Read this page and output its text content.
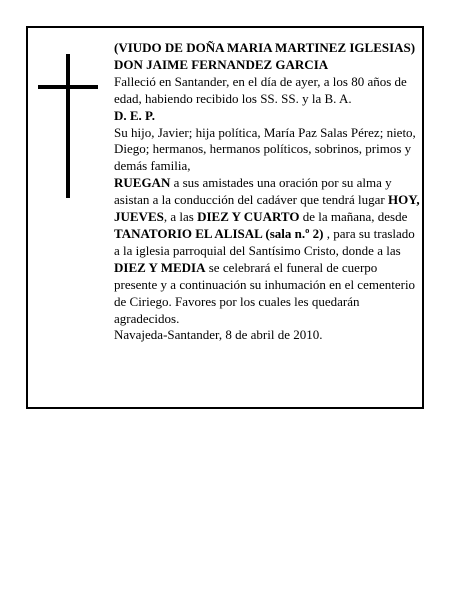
(VIUDO DE DOÑA MARIA MARTINEZ IGLESIAS)

DON JAIME FERNANDEZ GARCIA

Falleció en Santander, en el día de ayer, a los 80 años de edad, habiendo recibido los SS. SS. y la B. A.

D. E. P.

Su hijo, Javier; hija política, María Paz Salas Pérez; nieto, Diego; hermanos, hermanos políticos, sobrinos, primos y demás familia,

RUEGAN a sus amistades una oración por su alma y asistan a la conducción del cadáver que tendrá lugar HOY, JUEVES, a las DIEZ Y CUARTO de la mañana, desde TANATORIO EL ALISAL (sala n.º 2) , para su traslado a la iglesia parroquial del Santísimo Cristo, donde a las DIEZ Y MEDIA se celebrará el funeral de cuerpo presente y a continuación su inhumación en el cementerio de Ciriego. Favores por los cuales les quedarán agradecidos.

Navajeda-Santander, 8 de abril de 2010.
